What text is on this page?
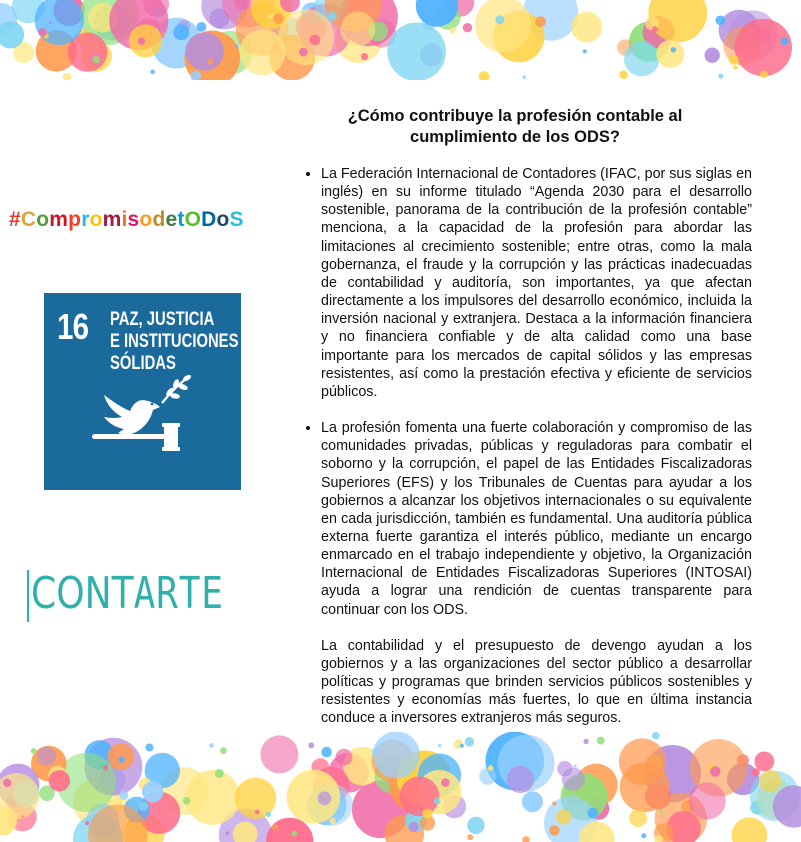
#CompromisodetODoS
16 PAZ, JUSTICIA
E INSTITUCIONES
SÓLIDAS
CONTARTE
¿Cómo contribuye la profesión contable al
cumplimiento de los ODS?
• La Federación Internacional de Contadores (IFAC, por sus siglas en inglés) en su informe titulado “Agenda 2030 para el desarrollo sostenible, panorama de la contribución de la profesión contable” menciona, a la capacidad de la profesión para abordar las limitaciones al crecimiento sostenible; entre otras, como la mala gobernanza, el fraude y la corrupción y las prácticas inadecuadas de contabilidad y auditoría, son importantes, ya que afectan directamente a los impulsores del desarrollo económico, incluida la inversión nacional y extranjera. Destaca a la información financiera y no financiera confiable y de alta calidad como una base importante para los mercados de capital sólidos y las empresas resistentes, así como la prestación efectiva y eficiente de servicios públicos.
• La profesión fomenta una fuerte colaboración y compromiso de las comunidades privadas, públicas y reguladoras para combatir el soborno y la corrupción, el papel de las Entidades Fiscalizadoras Superiores (EFS) y los Tribunales de Cuentas para ayudar a los gobiernos a alcanzar los objetivos internacionales o su equivalente en cada jurisdicción, también es fundamental. Una auditoría pública externa fuerte garantiza el interés público, mediante un encargo enmarcado en el trabajo independiente y objetivo, la Organización Internacional de Entidades Fiscalizadoras Superiores (INTOSAI) ayuda a lograr una rendición de cuentas transparente para continuar con los ODS.

La contabilidad y el presupuesto de devengo ayudan a los gobiernos y a las organizaciones del sector público a desarrollar políticas y programas que brinden servicios públicos sostenibles y resistentes y economías más fuertes, lo que en última instancia conduce a inversores extranjeros más seguros.
